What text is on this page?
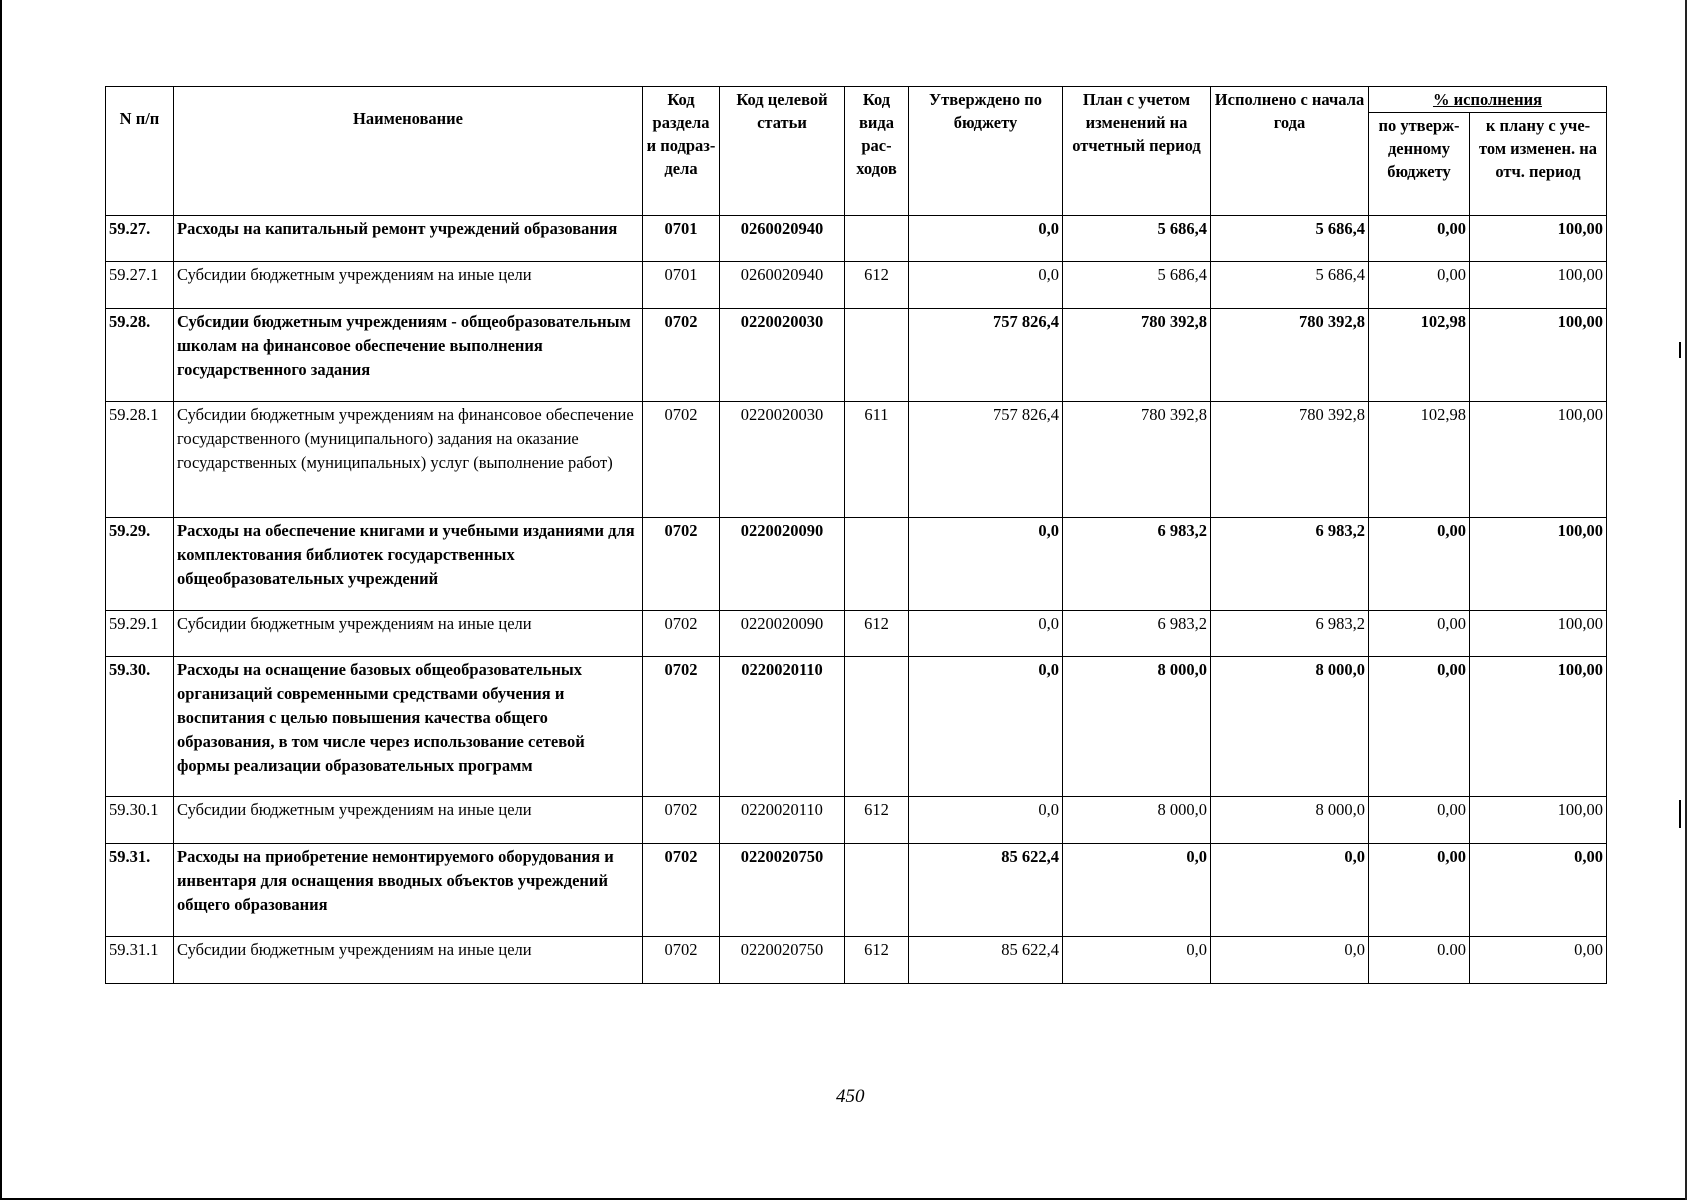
N п/п	Наименование	Код раздела и подраз-дела	Код целевой статьи	Код вида рас-ходов	Утверждено по бюджету	План с учетом изменений на отчетный период	Исполнено с начала года	% исполнения	
								по утверж-денному бюджету	к плану с уче-том изменен. на отч. период
59.27.	Расходы на капитальный ремонт учреждений образования	0701	0260020940		0,0	5 686,4	5 686,4	0,00	100,00
59.27.1	Субсидии бюджетным учреждениям на иные цели	0701	0260020940	612	0,0	5 686,4	5 686,4	0,00	100,00
59.28.	Субсидии бюджетным учреждениям - общеобразовательным школам на финансовое обеспечение выполнения государственного задания	0702	0220020030		757 826,4	780 392,8	780 392,8	102,98	100,00
59.28.1	Субсидии бюджетным учреждениям на финансовое обеспечение государственного (муниципального) задания на оказание государственных (муниципальных) услуг (выполнение работ)	0702	0220020030	611	757 826,4	780 392,8	780 392,8	102,98	100,00
59.29.	Расходы на обеспечение книгами и учебными изданиями для комплектования библиотек государственных общеобразовательных учреждений	0702	0220020090		0,0	6 983,2	6 983,2	0,00	100,00
59.29.1	Субсидии бюджетным учреждениям на иные цели	0702	0220020090	612	0,0	6 983,2	6 983,2	0,00	100,00
59.30.	Расходы на оснащение базовых общеобразовательных организаций современными средствами обучения и воспитания с целью повышения качества общего образования, в том числе через использование сетевой формы реализации образовательных программ	0702	0220020110		0,0	8 000,0	8 000,0	0,00	100,00
59.30.1	Субсидии бюджетным учреждениям на иные цели	0702	0220020110	612	0,0	8 000,0	8 000,0	0,00	100,00
59.31.	Расходы на приобретение немонтируемого оборудования и инвентаря для оснащения вводных объектов учреждений общего образования	0702	0220020750		85 622,4	0,0	0,0	0,00	0,00
59.31.1	Субсидии бюджетным учреждениям на иные цели	0702	0220020750	612	85 622,4	0,0	0,0	0.00	0,00
450
